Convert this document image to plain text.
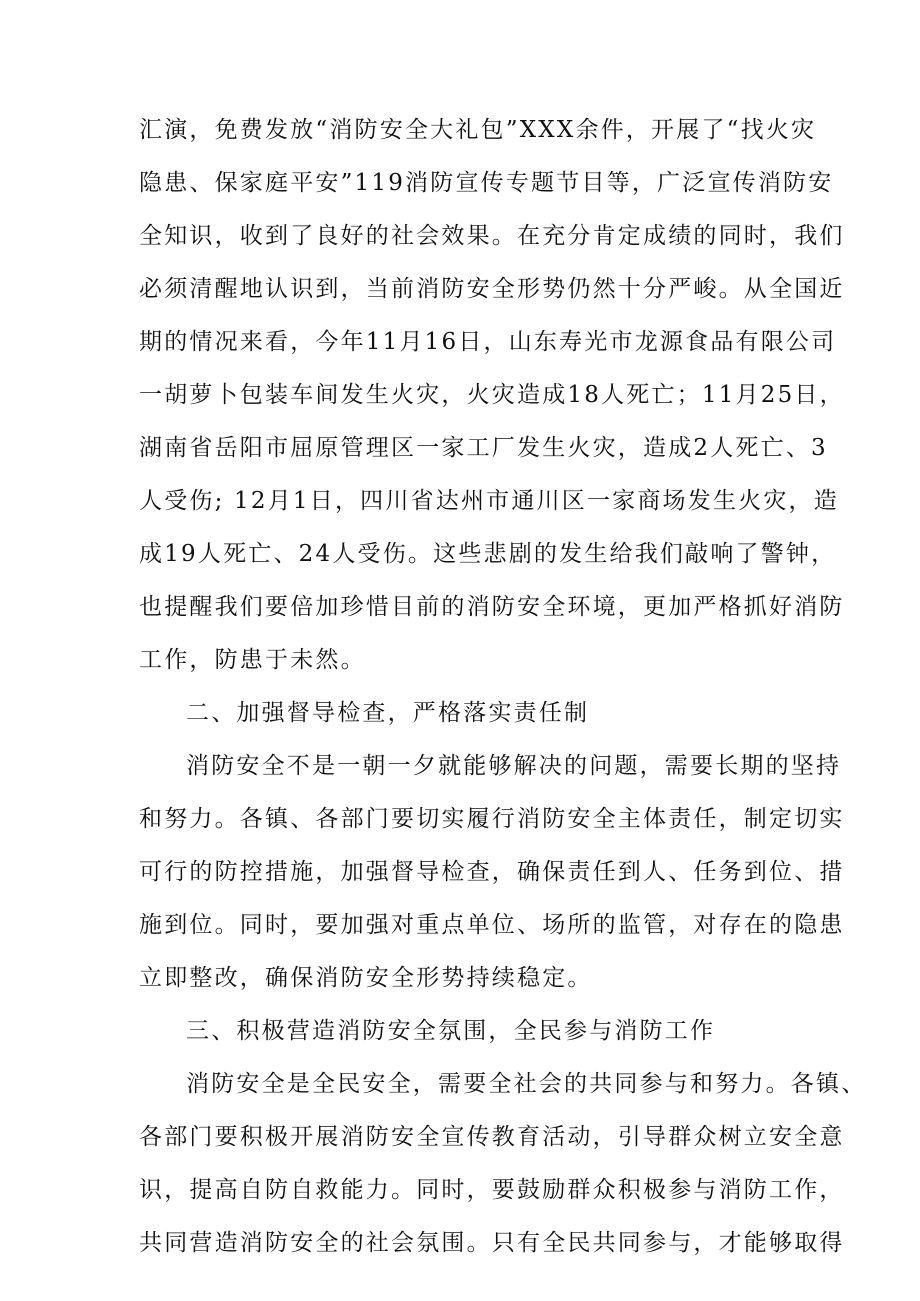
汇演，免费发放“消防安全大礼包”XXX余件，开展了“找火灾
隐患、保家庭平安”119消防宣传专题节目等，广泛宣传消防安
全知识，收到了良好的社会效果。在充分肯定成绩的同时，我们
必须清醒地认识到，当前消防安全形势仍然十分严峻。从全国近
期的情况来看，今年11月16日，山东寿光市龙源食品有限公司
一胡萝卜包装车间发生火灾，火灾造成18人死亡；11月25日，
湖南省岳阳市屈原管理区一家工厂发生火灾，造成2人死亡、3
人受伤; 12月1日，四川省达州市通川区一家商场发生火灾，造
成19人死亡、24人受伤。这些悲剧的发生给我们敲响了警钟，
也提醒我们要倍加珍惜目前的消防安全环境，更加严格抓好消防
工作，防患于未然。
二、加强督导检查，严格落实责任制
消防安全不是一朝一夕就能够解决的问题，需要长期的坚持
和努力。各镇、各部门要切实履行消防安全主体责任，制定切实
可行的防控措施，加强督导检查，确保责任到人、任务到位、措
施到位。同时，要加强对重点单位、场所的监管，对存在的隐患
立即整改，确保消防安全形势持续稳定。
三、积极营造消防安全氛围，全民参与消防工作
消防安全是全民安全，需要全社会的共同参与和努力。各镇、
各部门要积极开展消防安全宣传教育活动，引导群众树立安全意
识，提高自防自救能力。同时，要鼓励群众积极参与消防工作，
共同营造消防安全的社会氛围。只有全民共同参与，才能够取得
